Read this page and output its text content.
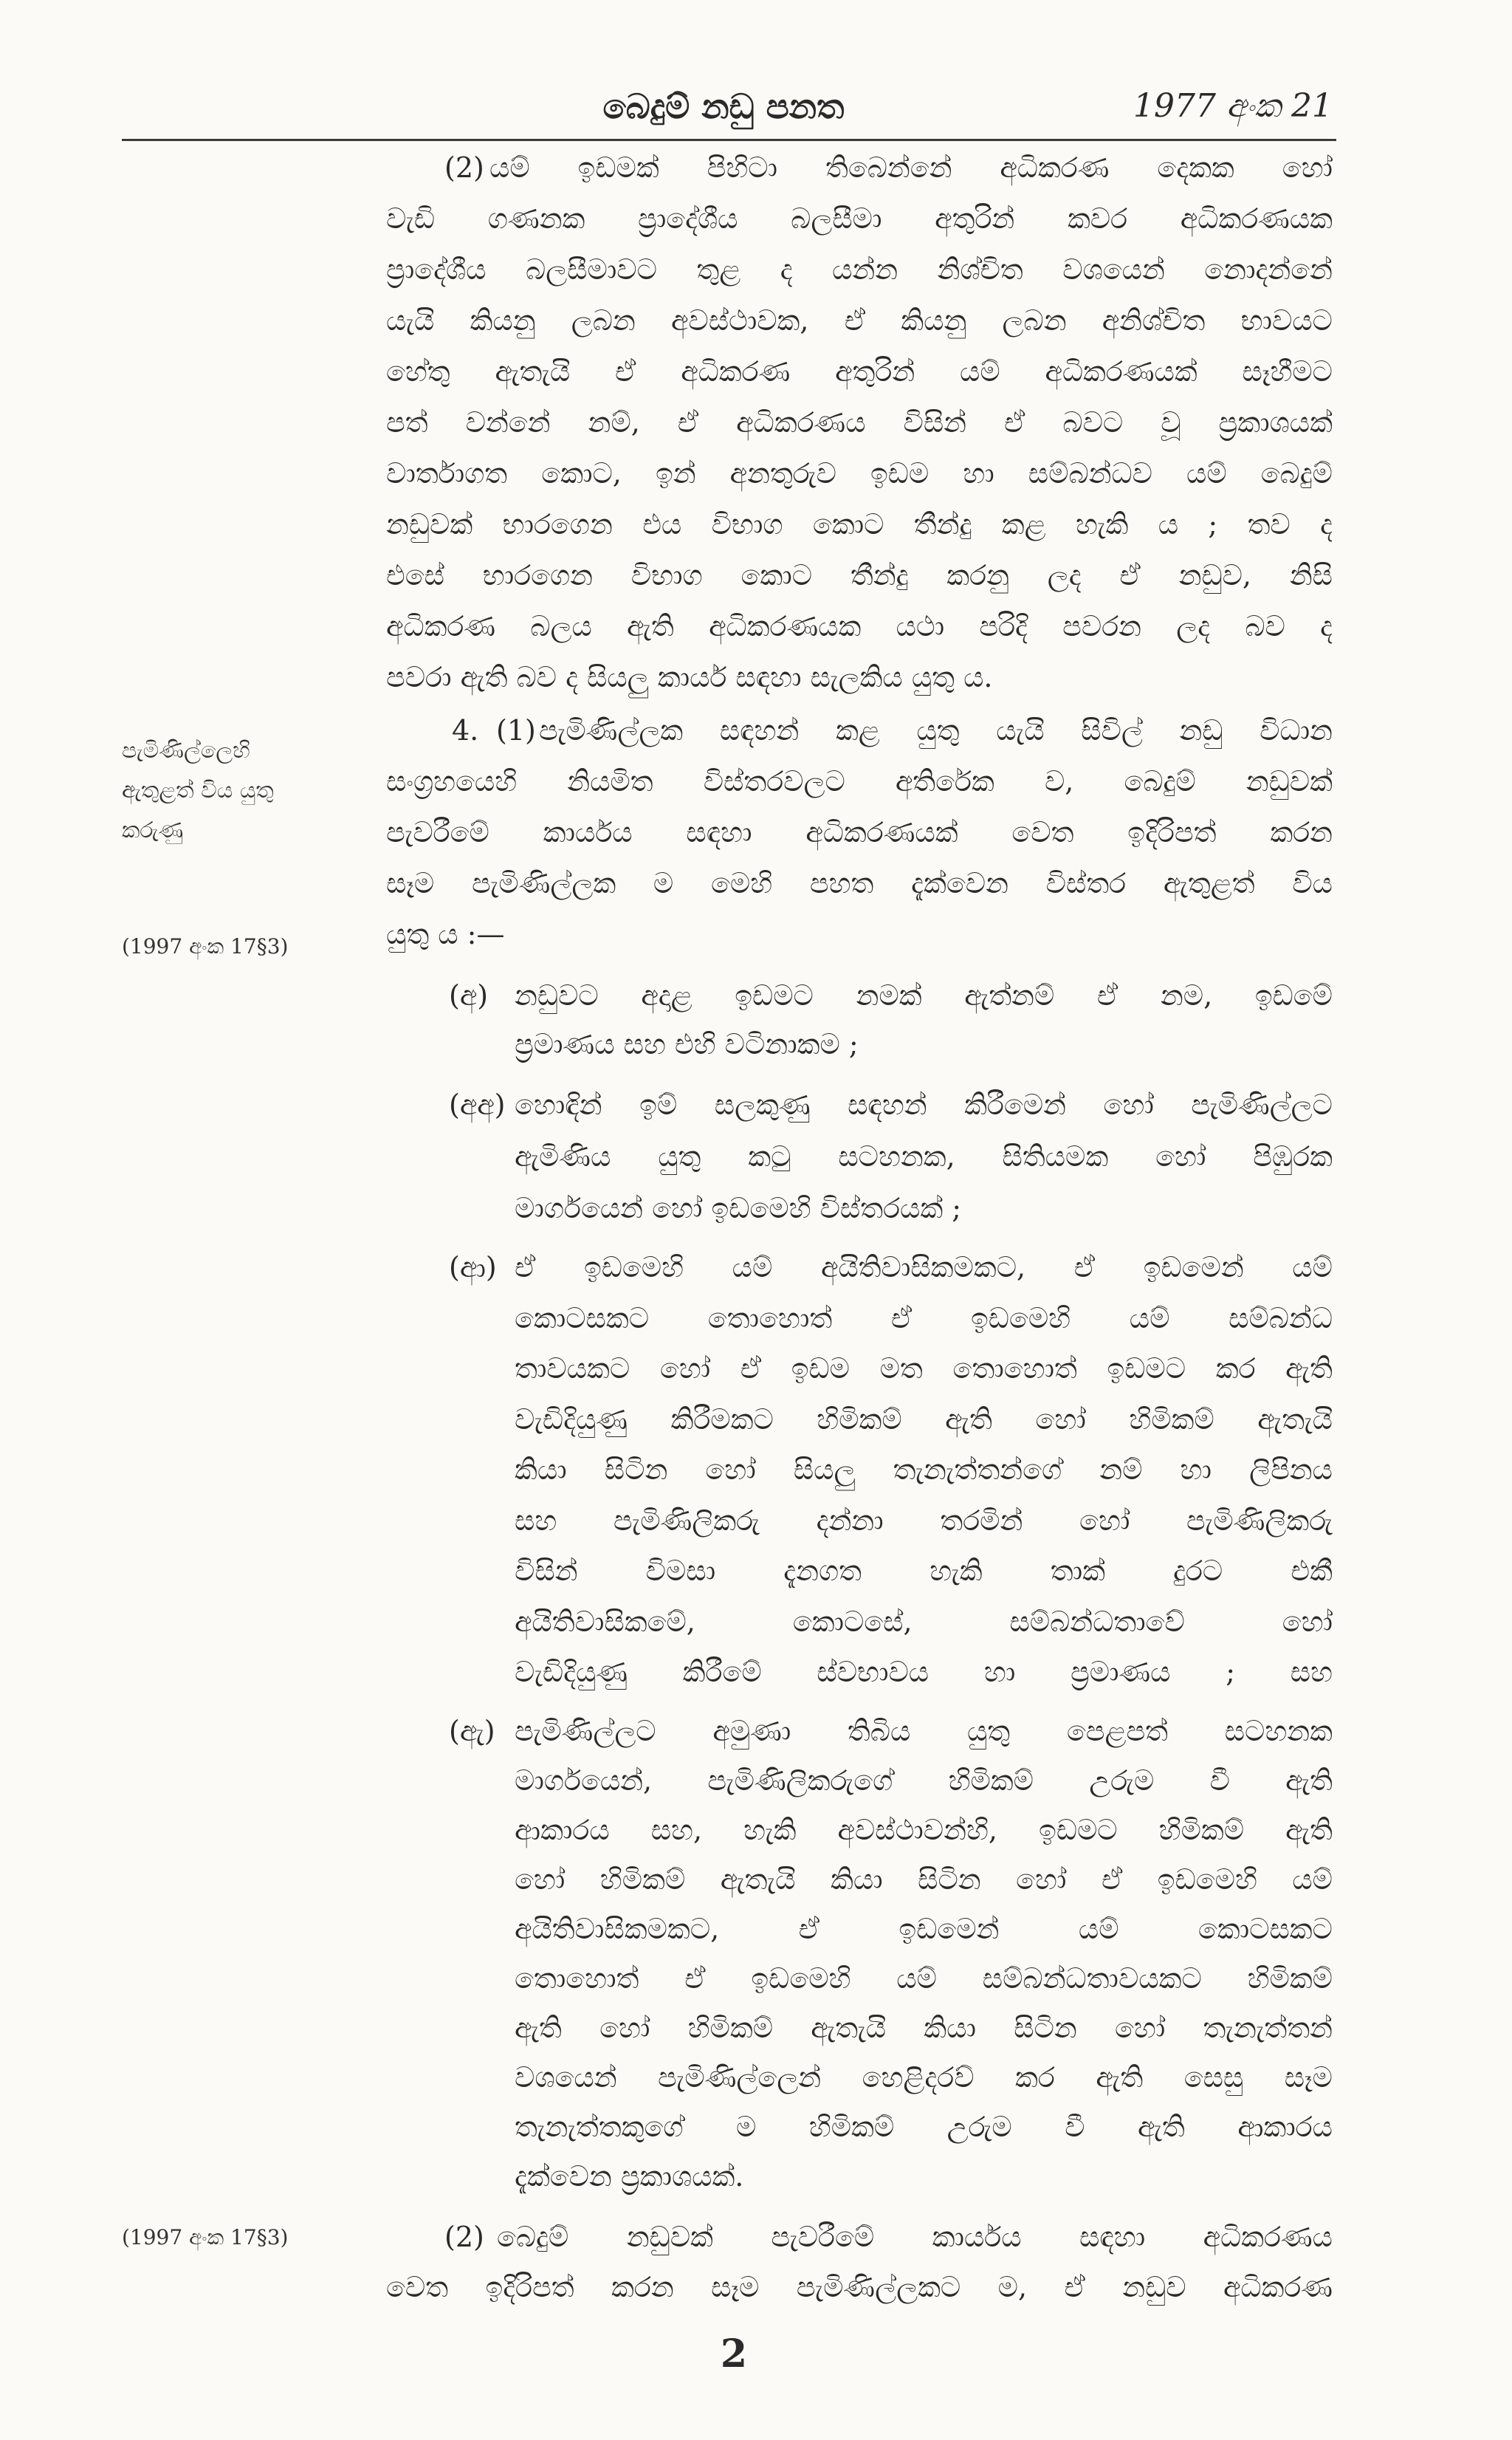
බෙදුම් නඩු පනත	1977 අංක 21
(2) යම් ඉඩමක් පිහිටා තිබෙන්නේ අධිකරණ දෙකක හෝ
වැඩි ගණනක ප්‍රාදේශීය බලසීමා අතුරින් කවර අධිකරණයක
ප්‍රාදේශීය බලසීමාවට තුළ ද යන්න නිශ්චිත වශයෙන් නොදන්නේ
යැයි කියනු ලබන අවස්ථාවක, ඒ කියනු ලබන අනිශ්චිත භාවයට
හේතු ඇතැයි ඒ අධිකරණ අතුරින් යම් අධිකරණයක් සෑහීමට
පත් වන්නේ නම්, ඒ අධිකරණය විසින් ඒ බවට වූ ප්‍රකාශයක්
වාර්තාගත කොට, ඉන් අනතුරුව ඉඩම හා සම්බන්ධව යම් බෙදුම්
නඩුවක් භාරගෙන එය විභාග කොට තීන්දු කළ හැකි ය ; තව ද
එසේ භාරගෙන විභාග කොට තීන්දු කරනු ලද ඒ නඩුව, නිසි
අධිකරණ බලය ඇති අධිකරණයක යථා පරිදි පවරන ලද බව ද
පවරා ඇති බව ද සියලු කාර්ය සඳහා සැලකිය යුතු ය.
පැමිණිල්ලෙහි
ඇතුළත් විය යුතු
කරුණු
(1997 අංක 17§3)
4. (1) පැමිණිල්ලක සඳහන් කළ යුතු යැයි සිවිල් නඩු විධාන
සංග්‍රහයෙහි නියමිත විස්තරවලට අතිරේක ව, බෙදුම් නඩුවක්
පැවරීමේ කාර්යය සඳහා අධිකරණයක් වෙත ඉදිරිපත් කරන
සෑම පැමිණිල්ලක ම මෙහි පහත දැක්වෙන විස්තර ඇතුළත් විය
යුතු ය :—
(අ) නඩුවට අදාළ ඉඩමට නමක් ඇත්නම් ඒ නම, ඉඩමේ
ප්‍රමාණය සහ එහි වටිනාකම ;
(අඅ) හොඳින් ඉම් සලකුණු සඳහන් කිරීමෙන් හෝ පැමිණිල්ලට
ඇමිණිය යුතු කටු සටහනක, සිතියමක හෝ පිඹුරක
මාර්ගයෙන් හෝ ඉඩමෙහි විස්තරයක් ;
(ආ) ඒ ඉඩමෙහි යම් අයිතිවාසිකමකට, ඒ ඉඩමෙන් යම්
කොටසකට තොහොත් ඒ ඉඩමෙහි යම් සම්බන්ධ
තාවයකට හෝ ඒ ඉඩම මත තොහොත් ඉඩමට කර ඇති
වැඩිදියුණු කිරීමකට හිමිකම් ඇති හෝ හිමිකම් ඇතැයි
කියා සිටින හෝ සියලු තැනැත්තන්ගේ නම් හා ලිපිනය
සහ පැමිණිලිකරු දන්නා තරමින් හෝ පැමිණිලිකරු
විසින් විමසා දැනගත හැකි තාක් දුරට එකී
අයිතිවාසිකමේ, කොටසේ, සම්බන්ධතාවේ හෝ
වැඩිදියුණු කිරීමේ ස්වභාවය හා ප්‍රමාණය ; සහ
(ඇ) පැමිණිල්ලට අමුණා තිබිය යුතු පෙළපත් සටහනක
මාර්ගයෙන්, පැමිණිලිකරුගේ හිමිකම් උරුම වී ඇති
ආකාරය සහ, හැකි අවස්ථාවන්හි, ඉඩමට හිමිකම් ඇති
හෝ හිමිකම් ඇතැයි කියා සිටින හෝ ඒ ඉඩමෙහි යම්
අයිතිවාසිකමකට, ඒ ඉඩමෙන් යම් කොටසකට
තොහොත් ඒ ඉඩමෙහි යම් සම්බන්ධතාවයකට හිමිකම්
ඇති හෝ හිමිකම් ඇතැයි කියා සිටින හෝ තැනැත්තන්
වශයෙන් පැමිණිල්ලෙන් හෙළිදරව් කර ඇති සෙසු සෑම
තැනැත්තකුගේ ම හිමිකම් උරුම වී ඇති ආකාරය
දැක්වෙන ප්‍රකාශයක්.
(1997 අංක 17§3)	(2) බෙදුම් නඩුවක් පැවරීමේ කාර්යය සඳහා අධිකරණය
වෙත ඉදිරිපත් කරන සෑම පැමිණිල්ලකට ම, ඒ නඩුව අධිකරණ
2
